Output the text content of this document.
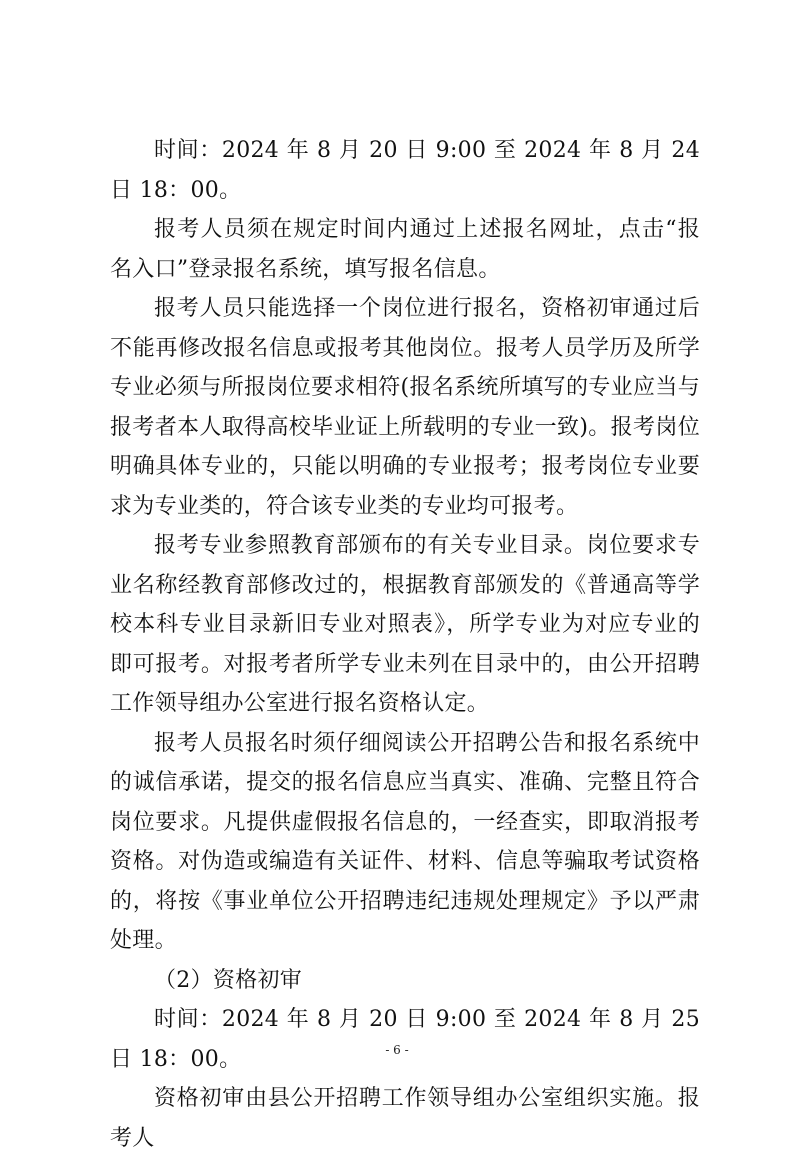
时间：2024 年 8 月 20 日 9:00 至 2024 年 8 月 24 日 18：00。

报考人员须在规定时间内通过上述报名网址，点击“报名入口”登录报名系统，填写报名信息。

报考人员只能选择一个岗位进行报名，资格初审通过后不能再修改报名信息或报考其他岗位。报考人员学历及所学专业必须与所报岗位要求相符(报名系统所填写的专业应当与报考者本人取得高校毕业证上所载明的专业一致)。报考岗位明确具体专业的，只能以明确的专业报考；报考岗位专业要求为专业类的，符合该专业类的专业均可报考。

报考专业参照教育部颁布的有关专业目录。岗位要求专业名称经教育部修改过的，根据教育部颁发的《普通高等学校本科专业目录新旧专业对照表》，所学专业为对应专业的即可报考。对报考者所学专业未列在目录中的，由公开招聘工作领导组办公室进行报名资格认定。

报考人员报名时须仔细阅读公开招聘公告和报名系统中的诚信承诺，提交的报名信息应当真实、准确、完整且符合岗位要求。凡提供虚假报名信息的，一经查实，即取消报考资格。对伪造或编造有关证件、材料、信息等骗取考试资格的，将按《事业单位公开招聘违纪违规处理规定》予以严肃处理。

（2）资格初审

时间：2024 年 8 月 20 日 9:00 至 2024 年 8 月 25 日 18：00。

资格初审由县公开招聘工作领导组办公室组织实施。报考人

- 6 -
